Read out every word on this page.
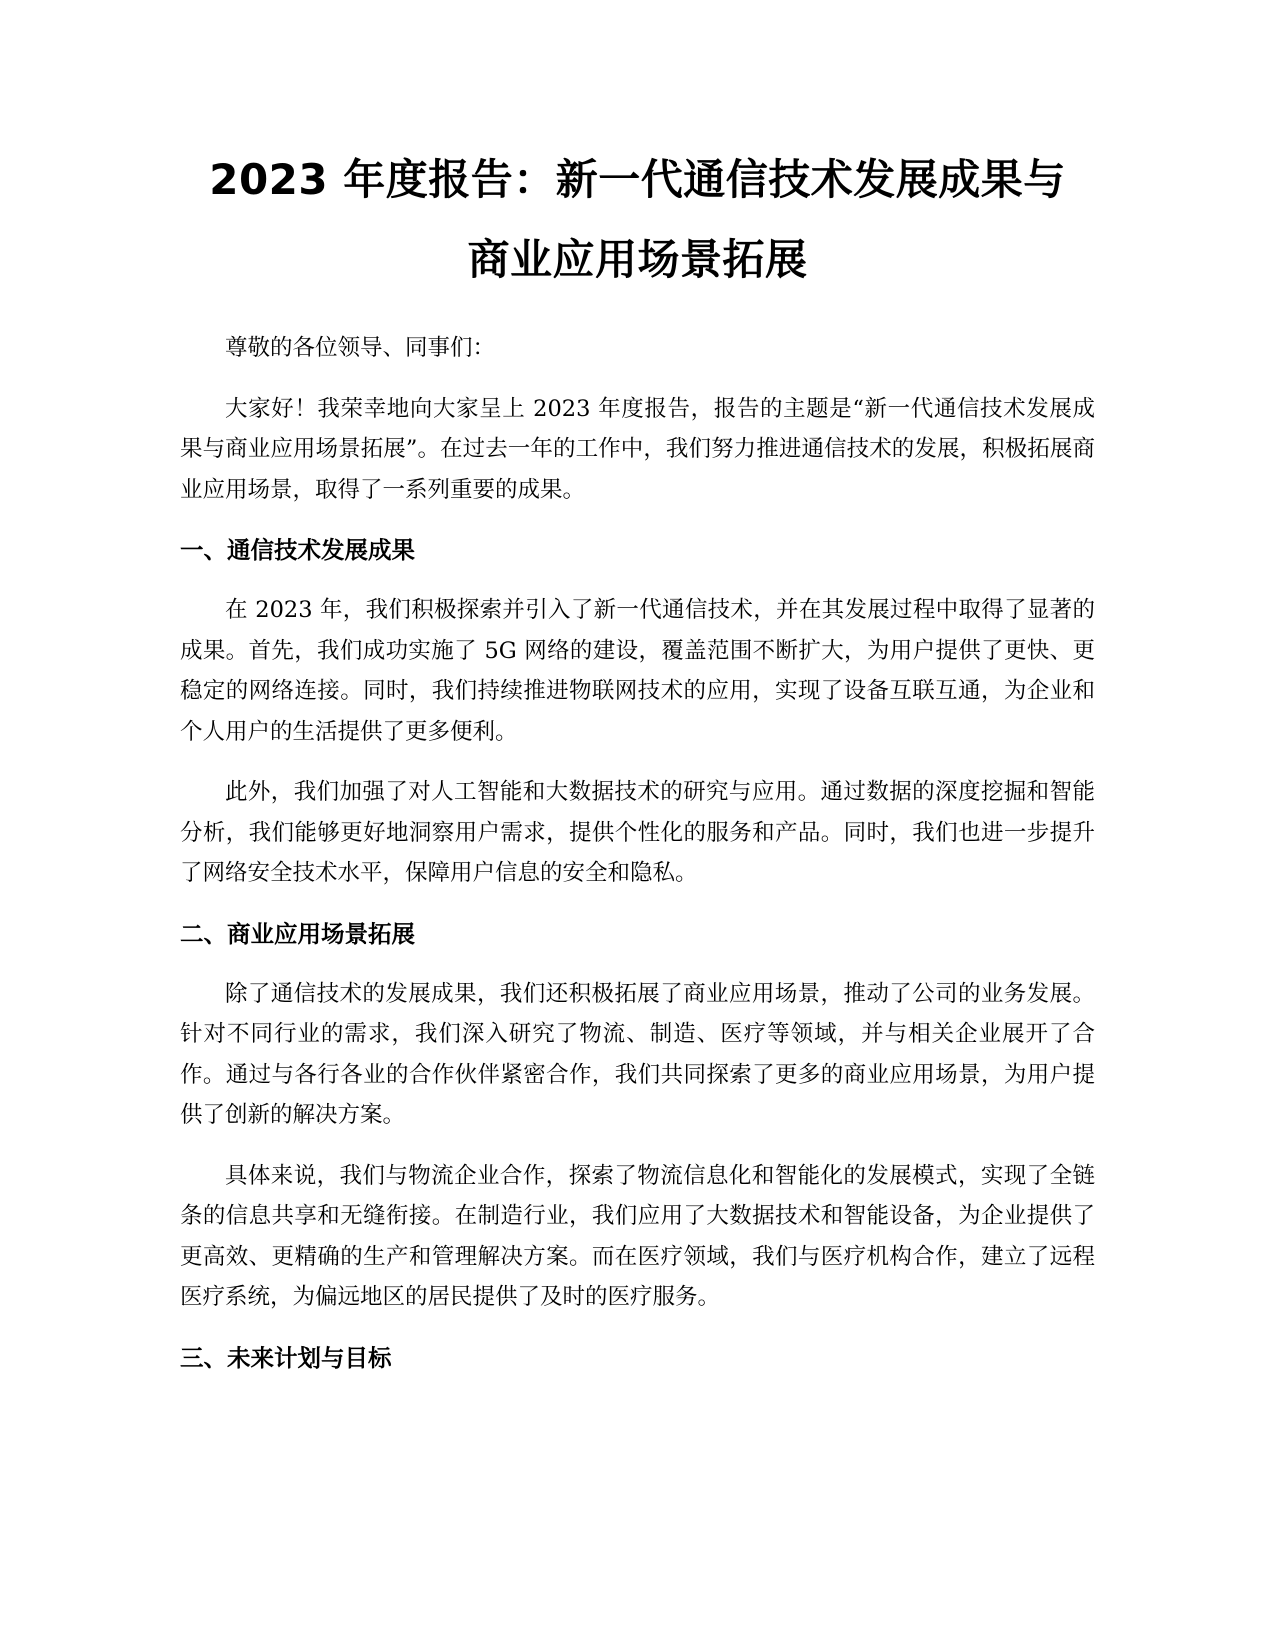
2023 年度报告：新一代通信技术发展成果与
商业应用场景拓展

尊敬的各位领导、同事们：

大家好！我荣幸地向大家呈上 2023 年度报告，报告的主题是“新一代通信技术发展成果与商业应用场景拓展”。在过去一年的工作中，我们努力推进通信技术的发展，积极拓展商业应用场景，取得了一系列重要的成果。

一、通信技术发展成果

在 2023 年，我们积极探索并引入了新一代通信技术，并在其发展过程中取得了显著的成果。首先，我们成功实施了 5G 网络的建设，覆盖范围不断扩大，为用户提供了更快、更稳定的网络连接。同时，我们持续推进物联网技术的应用，实现了设备互联互通，为企业和个人用户的生活提供了更多便利。

此外，我们加强了对人工智能和大数据技术的研究与应用。通过数据的深度挖掘和智能分析，我们能够更好地洞察用户需求，提供个性化的服务和产品。同时，我们也进一步提升了网络安全技术水平，保障用户信息的安全和隐私。

二、商业应用场景拓展

除了通信技术的发展成果，我们还积极拓展了商业应用场景，推动了公司的业务发展。针对不同行业的需求，我们深入研究了物流、制造、医疗等领域，并与相关企业展开了合作。通过与各行各业的合作伙伴紧密合作，我们共同探索了更多的商业应用场景，为用户提供了创新的解决方案。

具体来说，我们与物流企业合作，探索了物流信息化和智能化的发展模式，实现了全链条的信息共享和无缝衔接。在制造行业，我们应用了大数据技术和智能设备，为企业提供了更高效、更精确的生产和管理解决方案。而在医疗领域，我们与医疗机构合作，建立了远程医疗系统，为偏远地区的居民提供了及时的医疗服务。

三、未来计划与目标
